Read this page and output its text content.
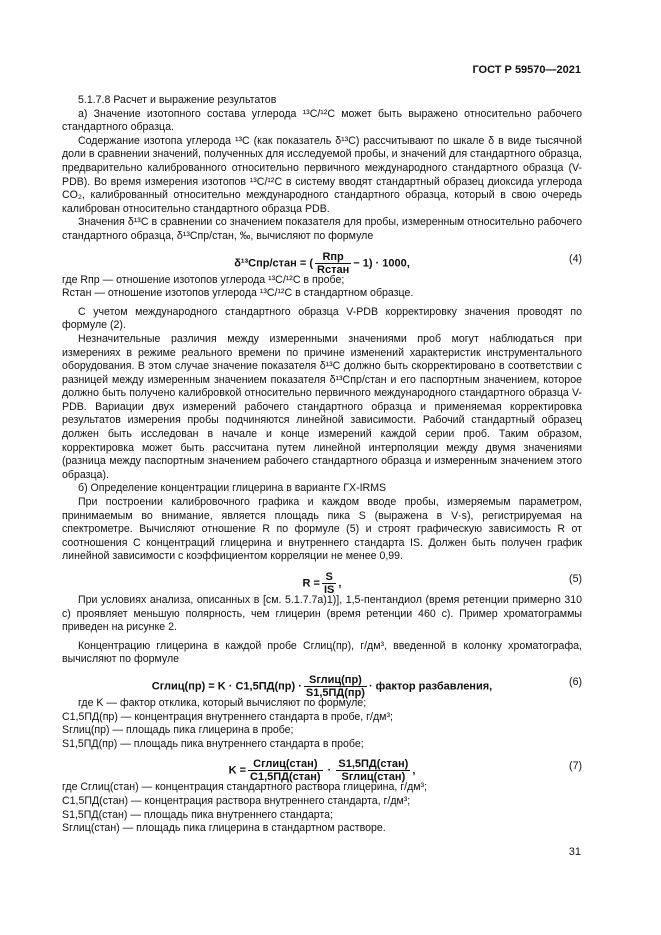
ГОСТ Р 59570—2021

5.1.7.8 Расчет и выражение результатов

а) Значение изотопного состава углерода ¹³C/¹²C может быть выражено относительно рабочего стандартного образца.

Содержание изотопа углерода ¹³C (как показатель δ¹³C) рассчитывают по шкале δ в виде тысячной доли в сравнении значений, полученных для исследуемой пробы, и значений для стандартного образца, предварительно калиброванного относительно первичного международного стандартного образца (V-PDB). Во время измерения изотопов ¹³C/¹²C в систему вводят стандартный образец диоксида углерода CO₂, калиброванный относительно международного стандартного образца, который в свою очередь калиброван относительно стандартного образца PDB.

Значения δ¹³C в сравнении со значением показателя для пробы, измеренным относительно рабочего стандартного образца, δ¹³Cпр/стан, ‰, вычисляют по формуле

δ¹³Cпр/стан = ( $\frac{\text{Rпр}}{\text{Rстан}} - 1) \cdot 1000$,	(4)

где Rпр — отношение изотопов углерода ¹³C/¹²C в пробе;

Rстан — отношение изотопов углерода ¹³C/¹²C в стандартном образце.

С учетом международного стандартного образца V-PDB корректировку значения проводят по формуле (2).

Незначительные различия между измеренными значениями проб могут наблюдаться при измерениях в режиме реального времени по причине изменений характеристик инструментального оборудования. В этом случае значение показателя δ¹³C должно быть скорректировано в соответствии с разницей между измеренным значением показателя δ¹³Cпр/стан и его паспортным значением, которое должно быть получено калибровкой относительно первичного международного стандартного образца V-PDB. Вариации двух измерений рабочего стандартного образца и применяемая корректировка результатов измерения пробы подчиняются линейной зависимости. Рабочий стандартный образец должен быть исследован в начале и конце измерений каждой серии проб. Таким образом, корректировка может быть рассчитана путем линейной интерполяции между двумя значениями (разница между паспортным значением рабочего стандартного образца и измеренным значением этого образца).

б) Определение концентрации глицерина в варианте ГХ-IRMS

При построении калибровочного графика и каждом вводе пробы, измеряемым параметром, принимаемым во внимание, является площадь пика S (выражена в V·s), регистрируемая на спектрометре. Вычисляют отношение R по формуле (5) и строят графическую зависимость R от соотношения C концентраций глицерина и внутреннего стандарта IS. Должен быть получен график линейной зависимости с коэффициентом корреляции не менее 0,99.

$R = \frac{S}{IS}$ ,	(5)

При условиях анализа, описанных в [см. 5.1.7.7а)1)], 1,5-пентандиол (время ретенции примерно 310 с) проявляет меньшую полярность, чем глицерин (время ретенции 460 с). Пример хроматограммы приведен на рисунке 2.

Концентрацию глицерина в каждой пробе Cглиц(пр), г/дм³, введенной в колонку хроматографа, вычисляют по формуле

Cглиц(пр) = $K \cdot C1,5ПД(пр) \cdot \frac{\text{Sглиц(пр)}}{S1,5ПД(пр)}$ · фактор разбавления,	(6)

где K — фактор отклика, который вычисляют по формуле;

C1,5ПД(пр) — концентрация внутреннего стандарта в пробе, г/дм³;

Sглиц(пр) — площадь пика глицерина в пробе;

S1,5ПД(пр) — площадь пика внутреннего стандарта в пробе;

$K = \frac{\text{Cглиц(стан)}}{\text{C1,5ПД(стан)}} \cdot \frac{\text{S1,5ПД(стан)}}{\text{Sглиц(стан)}}$ ,	(7)

где Cглиц(стан) — концентрация стандартного раствора глицерина, г/дм³;

C1,5ПД(стан) — концентрация раствора внутреннего стандарта, г/дм³;

S1,5ПД(стан) — площадь пика внутреннего стандарта;

Sглиц(стан) — площадь пика глицерина в стандартном растворе.

31
